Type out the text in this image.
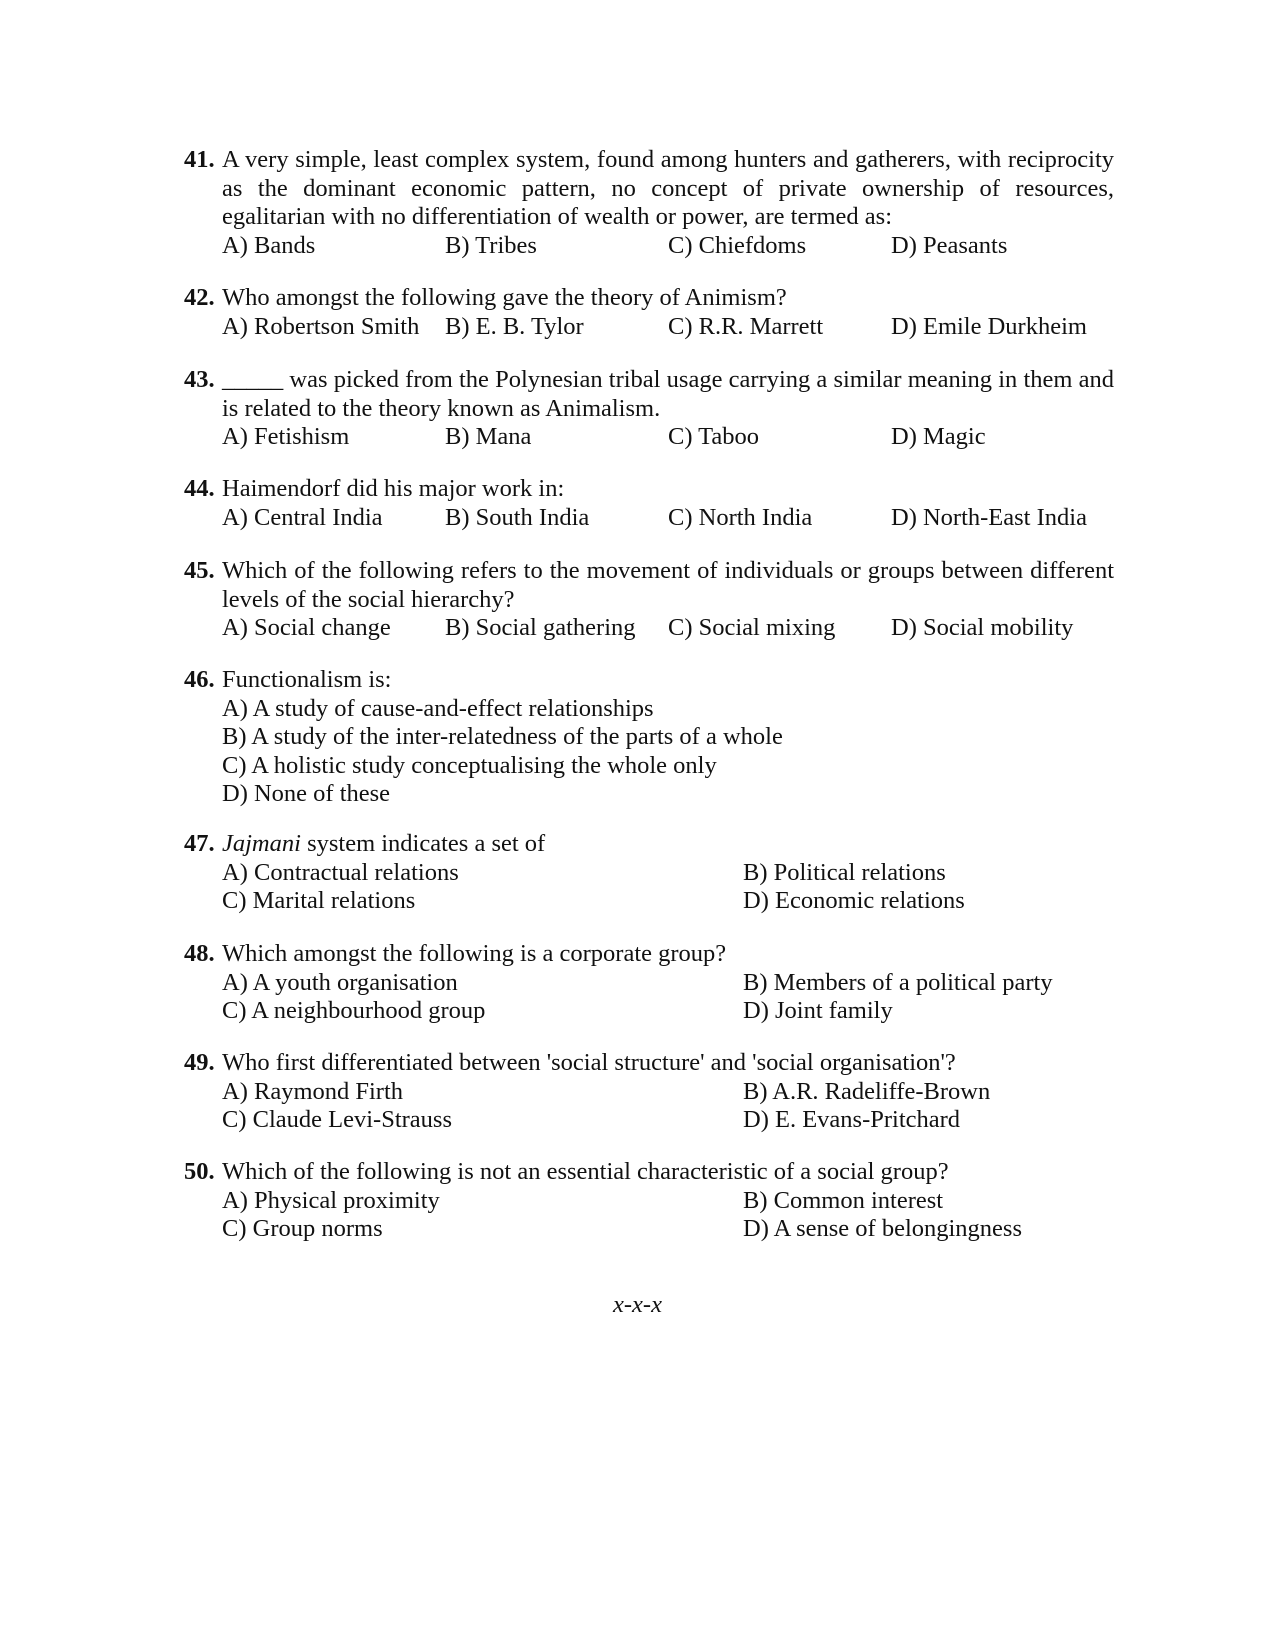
41. A very simple, least complex system, found among hunters and gatherers, with reciprocity as the dominant economic pattern, no concept of private ownership of resources, egalitarian with no differentiation of wealth or power, are termed as:
A) Bands	B) Tribes	C) Chiefdoms	D) Peasants
42. Who amongst the following gave the theory of Animism?
A) Robertson Smith B) E. B. Tylor	C) R.R. Marrett	D) Emile Durkheim
43. _____ was picked from the Polynesian tribal usage carrying a similar meaning in them and is related to the theory known as Animalism.
A) Fetishism	B) Mana	C) Taboo	D) Magic
44. Haimendorf did his major work in:
A) Central India	B) South India	C) North India	D) North-East India
45. Which of the following refers to the movement of individuals or groups between different levels of the social hierarchy?
A) Social change B) Social gathering C) Social mixing D) Social mobility
46. Functionalism is:
A) A study of cause-and-effect relationships
B) A study of the inter-relatedness of the parts of a whole
C) A holistic study conceptualising the whole only
D) None of these
47. Jajmani system indicates a set of
A) Contractual relations	B) Political relations
C) Marital relations	D) Economic relations
48. Which amongst the following is a corporate group?
A) A youth organisation	B) Members of a political party
C) A neighbourhood group	D) Joint family
49. Who first differentiated between 'social structure' and 'social organisation'?
A) Raymond Firth	B) A.R. Radeliffe-Brown
C) Claude Levi-Strauss	D) E. Evans-Pritchard
50. Which of the following is not an essential characteristic of a social group?
A) Physical proximity	B) Common interest
C) Group norms	D) A sense of belongingness
x-x-x
